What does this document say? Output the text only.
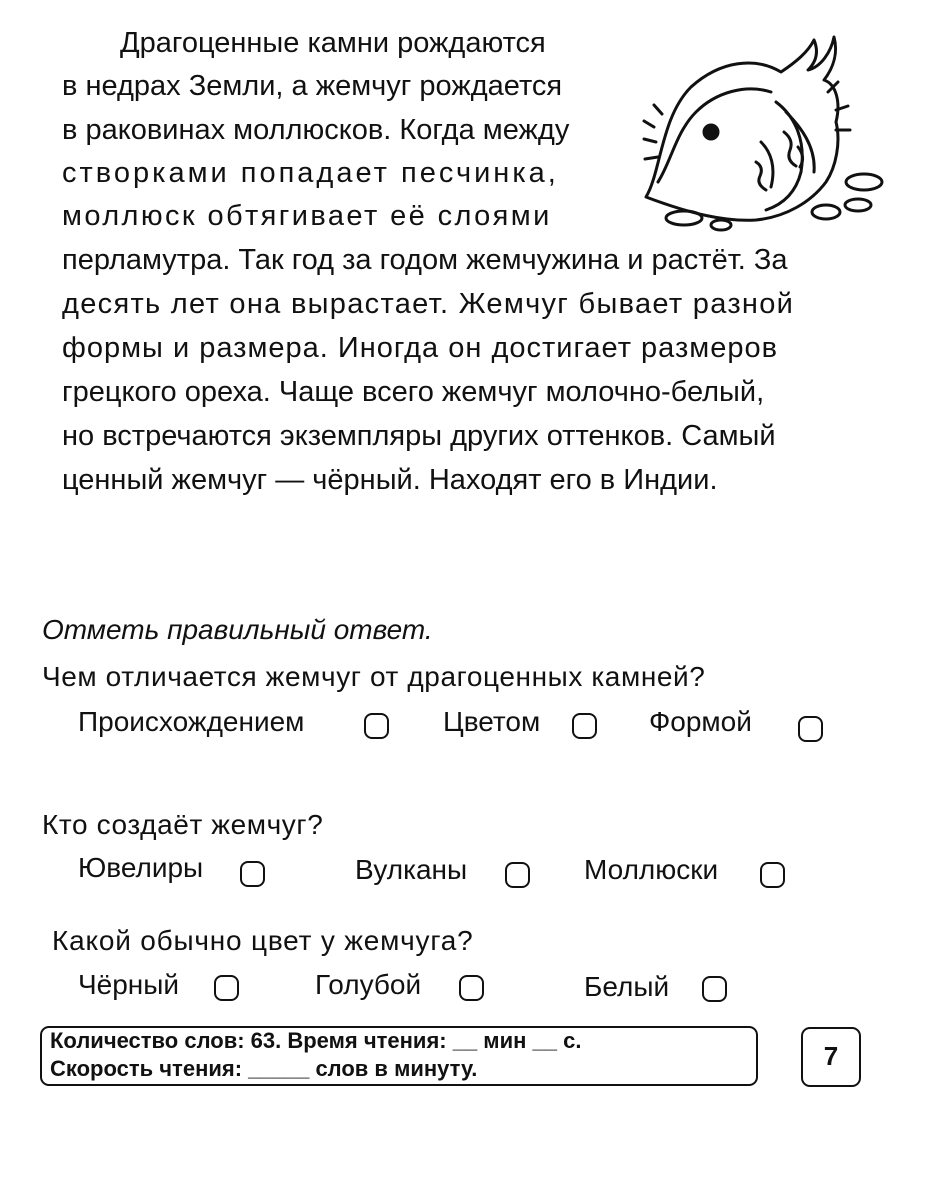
Драгоценные камни рождаются
в недрах Земли, а жемчуг рождается
в раковинах моллюсков. Когда между
створками попадает песчинка,
моллюск обтягивает её слоями
перламутра. Так год за годом жемчужина и растёт. За
десять лет она вырастает. Жемчуг бывает разной
формы и размера. Иногда он достигает размеров
грецкого ореха. Чаще всего жемчуг молочно-белый,
но встречаются экземпляры других оттенков. Самый
ценный жемчуг — чёрный. Находят его в Индии.
Отметь правильный ответ.
Чем отличается жемчуг от драгоценных камней?
Происхождением	Цветом	Формой
Кто создаёт жемчуг?
Ювелиры	Вулканы	Моллюски
Какой обычно цвет у жемчуга?
Чёрный	Голубой	Белый
Количество слов: 63. Время чтения: __ мин __ с.
Скорость чтения: _____ слов в минуту.	7
